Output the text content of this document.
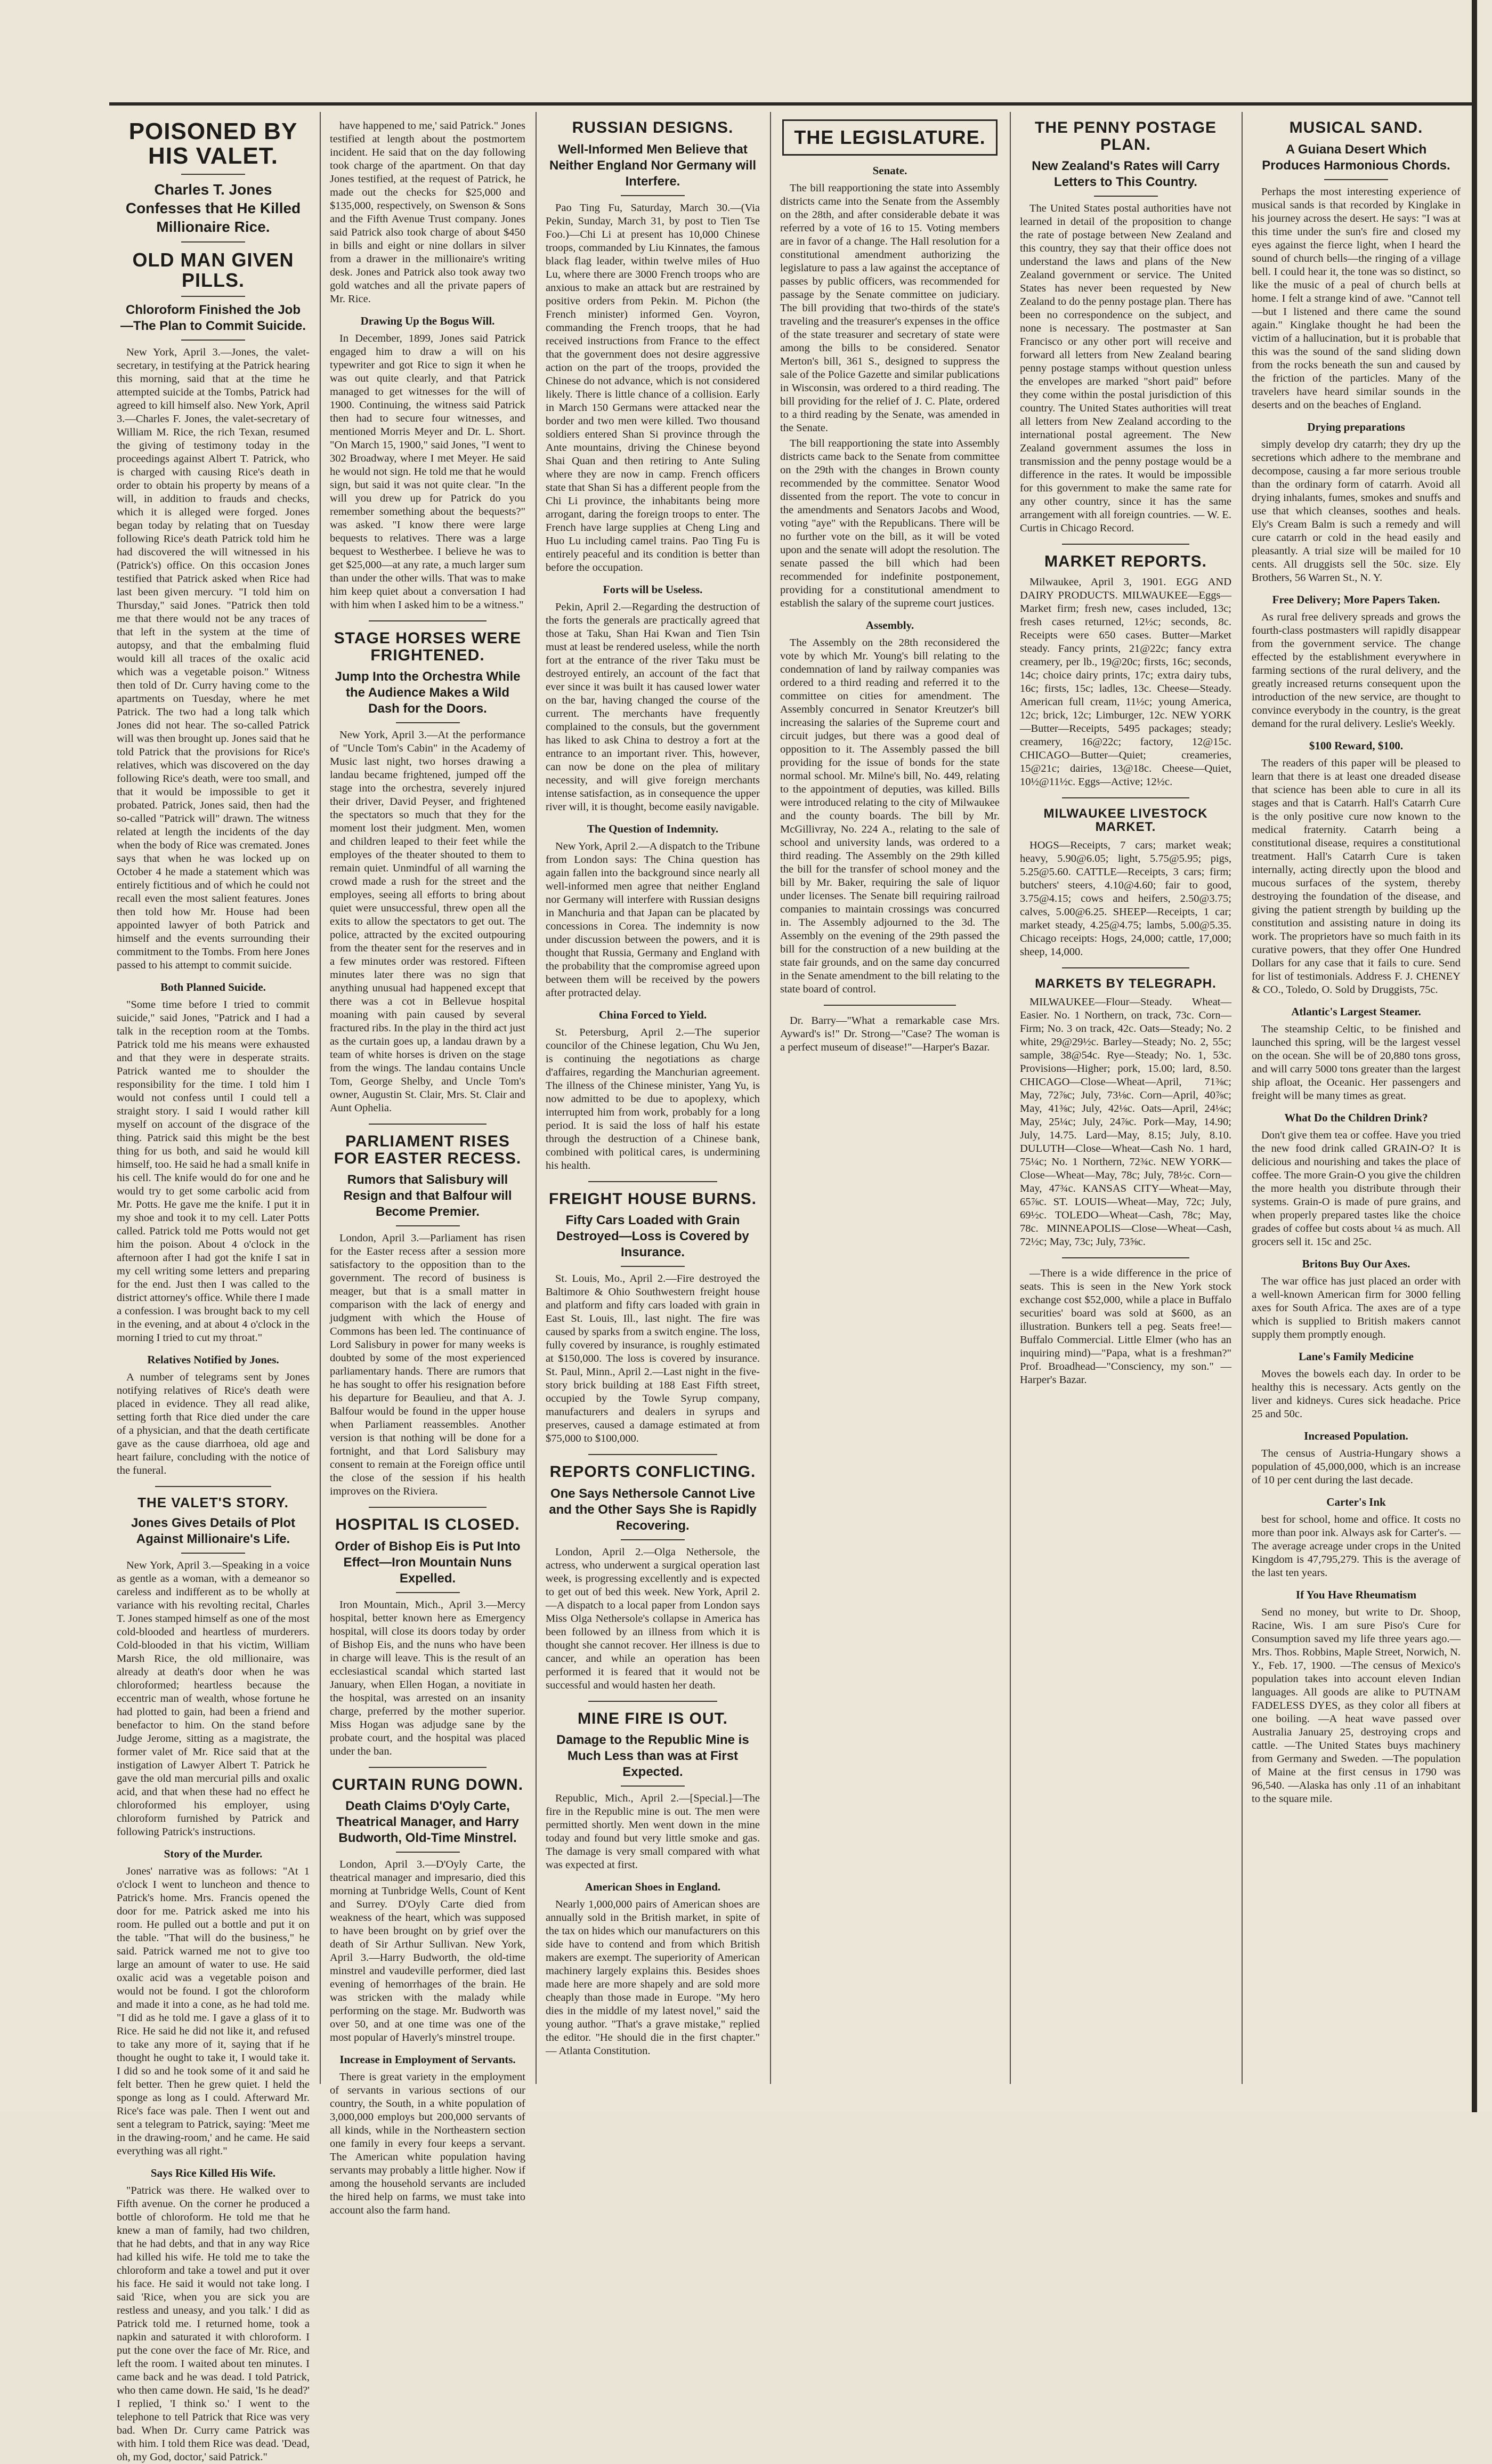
POISONED BY HIS VALET.
Charles T. Jones Confesses that He Killed Millionaire Rice.
OLD MAN GIVEN PILLS.
Chloroform Finished the Job—The Plan to Commit Suicide.

New York, April 3.—Jones, the valet-secretary, in testifying at the Patrick hearing this morning, said that at the time he attempted suicide at the Tombs, Patrick had agreed to kill himself also. New York, April 3.—Charles F. Jones, the valet-secretary of William M. Rice, the rich Texan, resumed the giving of testimony today in the proceedings against Albert T. Patrick, who is charged with causing Rice's death in order to obtain his property by means of a will, in addition to frauds and checks, which it is alleged were forged. Jones began today by relating that on Tuesday following Rice's death Patrick told him he had discovered the will witnessed in his (Patrick's) office. On this occasion Jones testified that Patrick asked when Rice had last been given mercury. "I told him on Thursday," said Jones. "Patrick then told me that there would not be any traces of that left in the system at the time of autopsy, and that the embalming fluid would kill all traces of the oxalic acid which was a vegetable poison." Witness then told of Dr. Curry having come to the apartments on Tuesday, where he met Patrick. The two had a long talk which Jones did not hear. The so-called Patrick will was then brought up. Jones said that he told Patrick that the provisions for Rice's relatives, which was discovered on the day following Rice's death, were too small, and that it would be impossible to get it probated. Patrick, Jones said, then had the so-called "Patrick will" drawn. The witness related at length the incidents of the day when the body of Rice was cremated. Jones says that when he was locked up on October 4 he made a statement which was entirely fictitious and of which he could not recall even the most salient features. Jones then told how Mr. House had been appointed lawyer of both Patrick and himself and the events surrounding their commitment to the Tombs. From here Jones passed to his attempt to commit suicide.

Both Planned Suicide.

"Some time before I tried to commit suicide," said Jones, "Patrick and I had a talk in the reception room at the Tombs. Patrick told me his means were exhausted and that they were in desperate straits. Patrick wanted me to shoulder the responsibility for the time. I told him I would not confess until I could tell a straight story. I said I would rather kill myself on account of the disgrace of the thing. Patrick said this might be the best thing for us both, and said he would kill himself, too. He said he had a small knife in his cell. The knife would do for one and he would try to get some carbolic acid from Mr. Potts. He gave me the knife. I put it in my shoe and took it to my cell. Later Potts called. Patrick told me Potts would not get him the poison. About 4 o'clock in the afternoon after I had got the knife I sat in my cell writing some letters and preparing for the end. Just then I was called to the district attorney's office. While there I made a confession. I was brought back to my cell in the evening, and at about 4 o'clock in the morning I tried to cut my throat."

Relatives Notified by Jones.

A number of telegrams sent by Jones notifying relatives of Rice's death were placed in evidence. They all read alike, setting forth that Rice died under the care of a physician, and that the death certificate gave as the cause diarrhoea, old age and heart failure, concluding with the notice of the funeral.

THE VALET'S STORY.
Jones Gives Details of Plot Against Millionaire's Life.

New York, April 3.—Speaking in a voice as gentle as a woman, with a demeanor so careless and indifferent as to be wholly at variance with his revolting recital, Charles T. Jones stamped himself as one of the most cold-blooded and heartless of murderers. Cold-blooded in that his victim, William Marsh Rice, the old millionaire, was already at death's door when he was chloroformed; heartless because the eccentric man of wealth, whose fortune he had plotted to gain, had been a friend and benefactor to him. On the stand before Judge Jerome, sitting as a magistrate, the former valet of Mr. Rice said that at the instigation of Lawyer Albert T. Patrick he gave the old man mercurial pills and oxalic acid, and that when these had no effect he chloroformed his employer, using chloroform furnished by Patrick and following Patrick's instructions.

Story of the Murder.

Jones' narrative was as follows: "At 1 o'clock I went to luncheon and thence to Patrick's home. Mrs. Francis opened the door for me. Patrick asked me into his room. He pulled out a bottle and put it on the table. "That will do the business," he said. Patrick warned me not to give too large an amount of water to use. He said oxalic acid was a vegetable poison and would not be found. I got the chloroform and made it into a cone, as he had told me. "I did as he told me. I gave a glass of it to Rice. He said he did not like it, and refused to take any more of it, saying that if he thought he ought to take it, I would take it. I did so and he took some of it and said he felt better. Then he grew quiet. I held the sponge as long as I could. Afterward Mr. Rice's face was pale. Then I went out and sent a telegram to Patrick, saying: 'Meet me in the drawing-room,' and he came. He said everything was all right."

Says Rice Killed His Wife.

"Patrick was there. He walked over to Fifth avenue. On the corner he produced a bottle of chloroform. He told me that he knew a man of family, had two children, that he had debts, and that in any way Rice had killed his wife. He told me to take the chloroform and take a towel and put it over his face. He said it would not take long. I said 'Rice, when you are sick you are restless and uneasy, and you talk.' I did as Patrick told me. I returned home, took a napkin and saturated it with chloroform. I put the cone over the face of Mr. Rice, and left the room. I waited about ten minutes. I came back and he was dead. I told Patrick, who then came down. He said, 'Is he dead?' I replied, 'I think so.' I went to the telephone to tell Patrick that Rice was very bad. When Dr. Curry came Patrick was with him. I told them Rice was dead. 'Dead, oh, my God, doctor,' said Patrick."

have happened to me,' said Patrick." Jones testified at length about the postmortem incident. He said that on the day following took charge of the apartment. On that day Jones testified, at the request of Patrick, he made out the checks for $25,000 and $135,000, respectively, on Swenson & Sons and the Fifth Avenue Trust company. Jones said Patrick also took charge of about $450 in bills and eight or nine dollars in silver from a drawer in the millionaire's writing desk. Jones and Patrick also took away two gold watches and all the private papers of Mr. Rice.

Drawing Up the Bogus Will.

In December, 1899, Jones said Patrick engaged him to draw a will on his typewriter and got Rice to sign it when he was out quite clearly, and that Patrick managed to get witnesses for the will of 1900. Continuing, the witness said Patrick then had to secure four witnesses, and mentioned Morris Meyer and Dr. L. Short. "On March 15, 1900," said Jones, "I went to 302 Broadway, where I met Meyer. He said he would not sign. He told me that he would sign, but said it was not quite clear. "In the will you drew up for Patrick do you remember something about the bequests?" was asked. "I know there were large bequests to relatives. There was a large bequest to Westherbee. I believe he was to get $25,000—at any rate, a much larger sum than under the other wills. That was to make him keep quiet about a conversation I had with him when I asked him to be a witness."

STAGE HORSES WERE FRIGHTENED.
Jump Into the Orchestra While the Audience Makes a Wild Dash for the Doors.

New York, April 3.—At the performance of "Uncle Tom's Cabin" in the Academy of Music last night, two horses drawing a landau became frightened, jumped off the stage into the orchestra, severely injured their driver, David Peyser, and frightened the spectators so much that they for the moment lost their judgment. Men, women and children leaped to their feet while the employes of the theater shouted to them to remain quiet. Unmindful of all warning the crowd made a rush for the street and the employes, seeing all efforts to bring about quiet were unsuccessful, threw open all the exits to allow the spectators to get out. The police, attracted by the excited outpouring from the theater sent for the reserves and in a few minutes order was restored. Fifteen minutes later there was no sign that anything unusual had happened except that there was a cot in Bellevue hospital moaning with pain caused by several fractured ribs. In the play in the third act just as the curtain goes up, a landau drawn by a team of white horses is driven on the stage from the wings. The landau contains Uncle Tom, George Shelby, and Uncle Tom's owner, Augustin St. Clair, Mrs. St. Clair and Aunt Ophelia.

PARLIAMENT RISES FOR EASTER RECESS.
Rumors that Salisbury will Resign and that Balfour will Become Premier.

London, April 3.—Parliament has risen for the Easter recess after a session more satisfactory to the opposition than to the government. The record of business is meager, but that is a small matter in comparison with the lack of energy and judgment with which the House of Commons has been led. The continuance of Lord Salisbury in power for many weeks is doubted by some of the most experienced parliamentary hands. There are rumors that he has sought to offer his resignation before his departure for Beaulieu, and that A. J. Balfour would be found in the upper house when Parliament reassembles. Another version is that nothing will be done for a fortnight, and that Lord Salisbury may consent to remain at the Foreign office until the close of the session if his health improves on the Riviera.

HOSPITAL IS CLOSED.
Order of Bishop Eis is Put Into Effect—Iron Mountain Nuns Expelled.

Iron Mountain, Mich., April 3.—Mercy hospital, better known here as Emergency hospital, will close its doors today by order of Bishop Eis, and the nuns who have been in charge will leave. This is the result of an ecclesiastical scandal which started last January, when Ellen Hogan, a novitiate in the hospital, was arrested on an insanity charge, preferred by the mother superior. Miss Hogan was adjudge sane by the probate court, and the hospital was placed under the ban.

CURTAIN RUNG DOWN.
Death Claims D'Oyly Carte, Theatrical Manager, and Harry Budworth, Old-Time Minstrel.

London, April 3.—D'Oyly Carte, the theatrical manager and impresario, died this morning at Tunbridge Wells, Count of Kent and Surrey. D'Oyly Carte died from weakness of the heart, which was supposed to have been brought on by grief over the death of Sir Arthur Sullivan. New York, April 3.—Harry Budworth, the old-time minstrel and vaudeville performer, died last evening of hemorrhages of the brain. He was stricken with the malady while performing on the stage. Mr. Budworth was over 50, and at one time was one of the most popular of Haverly's minstrel troupe.

Increase in Employment of Servants.

There is great variety in the employment of servants in various sections of our country, the South, in a white population of 3,000,000 employs but 200,000 servants of all kinds, while in the Northeastern section one family in every four keeps a servant. The American white population having servants may probably a little higher. Now if among the household servants are included the hired help on farms, we must take into account also the farm hand.

RUSSIAN DESIGNS.
Well-Informed Men Believe that Neither England Nor Germany will Interfere.

Pao Ting Fu, Saturday, March 30.—(Via Pekin, Sunday, March 31, by post to Tien Tse Foo.)—Chi Li at present has 10,000 Chinese troops, commanded by Liu Kinnates, the famous black flag leader, within twelve miles of Huo Lu, where there are 3000 French troops who are anxious to make an attack but are restrained by positive orders from Pekin. M. Pichon (the French minister) informed Gen. Voyron, commanding the French troops, that he had received instructions from France to the effect that the government does not desire aggressive action on the part of the troops, provided the Chinese do not advance, which is not considered likely. There is little chance of a collision. Early in March 150 Germans were attacked near the border and two men were killed. Two thousand soldiers entered Shan Si province through the Ante mountains, driving the Chinese beyond Shai Quan and then retiring to Ante Suling where they are now in camp. French officers state that Shan Si has a different people from the Chi Li province, the inhabitants being more arrogant, daring the foreign troops to enter. The French have large supplies at Cheng Ling and Huo Lu including camel trains. Pao Ting Fu is entirely peaceful and its condition is better than before the occupation.

Forts will be Useless.

Pekin, April 2.—Regarding the destruction of the forts the generals are practically agreed that those at Taku, Shan Hai Kwan and Tien Tsin must at least be rendered useless, while the north fort at the entrance of the river Taku must be destroyed entirely, an account of the fact that ever since it was built it has caused lower water on the bar, having changed the course of the current. The merchants have frequently complained to the consuls, but the government has liked to ask China to destroy a fort at the entrance to an important river. This, however, can now be done on the plea of military necessity, and will give foreign merchants intense satisfaction, as in consequence the upper river will, it is thought, become easily navigable.

The Question of Indemnity.

New York, April 2.—A dispatch to the Tribune from London says: The China question has again fallen into the background since nearly all well-informed men agree that neither England nor Germany will interfere with Russian designs in Manchuria and that Japan can be placated by concessions in Corea. The indemnity is now under discussion between the powers, and it is thought that Russia, Germany and England with the probability that the compromise agreed upon between them will be received by the powers after protracted delay.

China Forced to Yield.

St. Petersburg, April 2.—The superior councilor of the Chinese legation, Chu Wu Jen, is continuing the negotiations as charge d'affaires, regarding the Manchurian agreement. The illness of the Chinese minister, Yang Yu, is now admitted to be due to apoplexy, which interrupted him from work, probably for a long period. It is said the loss of half his estate through the destruction of a Chinese bank, combined with political cares, is undermining his health.

FREIGHT HOUSE BURNS.
Fifty Cars Loaded with Grain Destroyed—Loss is Covered by Insurance.

St. Louis, Mo., April 2.—Fire destroyed the Baltimore & Ohio Southwestern freight house and platform and fifty cars loaded with grain in East St. Louis, Ill., last night. The fire was caused by sparks from a switch engine. The loss, fully covered by insurance, is roughly estimated at $150,000. The loss is covered by insurance. St. Paul, Minn., April 2.—Last night in the five-story brick building at 188 East Fifth street, occupied by the Towle Syrup company, manufacturers and dealers in syrups and preserves, caused a damage estimated at from $75,000 to $100,000.

REPORTS CONFLICTING.
One Says Nethersole Cannot Live and the Other Says She is Rapidly Recovering.

London, April 2.—Olga Nethersole, the actress, who underwent a surgical operation last week, is progressing excellently and is expected to get out of bed this week. New York, April 2.—A dispatch to a local paper from London says Miss Olga Nethersole's collapse in America has been followed by an illness from which it is thought she cannot recover. Her illness is due to cancer, and while an operation has been performed it is feared that it would not be successful and would hasten her death.

MINE FIRE IS OUT.
Damage to the Republic Mine is Much Less than was at First Expected.

Republic, Mich., April 2.—[Special.]—The fire in the Republic mine is out. The men were permitted shortly. Men went down in the mine today and found but very little smoke and gas. The damage is very small compared with what was expected at first.

American Shoes in England.

Nearly 1,000,000 pairs of American shoes are annually sold in the British market, in spite of the tax on hides which our manufacturers on this side have to contend and from which British makers are exempt. The superiority of American machinery largely explains this. Besides shoes made here are more shapely and are sold more cheaply than those made in Europe. "My hero dies in the middle of my latest novel," said the young author. "That's a grave mistake," replied the editor. "He should die in the first chapter." — Atlanta Constitution.

THE LEGISLATURE.
Senate.

The bill reapportioning the state into Assembly districts came into the Senate from the Assembly on the 28th, and after considerable debate it was referred by a vote of 16 to 15. Voting members are in favor of a change. The Hall resolution for a constitutional amendment authorizing the legislature to pass a law against the acceptance of passes by public officers, was recommended for passage by the Senate committee on judiciary. The bill providing that two-thirds of the state's traveling and the treasurer's expenses in the office of the state treasurer and secretary of state were among the bills to be considered. Senator Merton's bill, 361 S., designed to suppress the sale of the Police Gazette and similar publications in Wisconsin, was ordered to a third reading. The bill providing for the relief of J. C. Plate, ordered to a third reading by the Senate, was amended in the Senate.

The bill reapportioning the state into Assembly districts came back to the Senate from committee on the 29th with the changes in Brown county recommended by the committee. Senator Wood dissented from the report. The vote to concur in the amendments and Senators Jacobs and Wood, voting "aye" with the Republicans. There will be no further vote on the bill, as it will be voted upon and the senate will adopt the resolution. The senate passed the bill which had been recommended for indefinite postponement, providing for a constitutional amendment to establish the salary of the supreme court justices.

Assembly.

The Assembly on the 28th reconsidered the vote by which Mr. Young's bill relating to the condemnation of land by railway companies was ordered to a third reading and referred it to the committee on cities for amendment. The Assembly concurred in Senator Kreutzer's bill increasing the salaries of the Supreme court and circuit judges, but there was a good deal of opposition to it. The Assembly passed the bill providing for the issue of bonds for the state normal school. Mr. Milne's bill, No. 449, relating to the appointment of deputies, was killed. Bills were introduced relating to the city of Milwaukee and the county boards. The bill by Mr. McGillivray, No. 224 A., relating to the sale of school and university lands, was ordered to a third reading. The Assembly on the 29th killed the bill for the transfer of school money and the bill by Mr. Baker, requiring the sale of liquor under licenses. The Senate bill requiring railroad companies to maintain crossings was concurred in. The Assembly adjourned to the 3d. The Assembly on the evening of the 29th passed the bill for the construction of a new building at the state fair grounds, and on the same day concurred in the Senate amendment to the bill relating to the state board of control.

Dr. Barry—"What a remarkable case Mrs. Ayward's is!" Dr. Strong—"Case? The woman is a perfect museum of disease!"—Harper's Bazar.

THE PENNY POSTAGE PLAN.
New Zealand's Rates will Carry Letters to This Country.

The United States postal authorities have not learned in detail of the proposition to change the rate of postage between New Zealand and this country, they say that their office does not understand the laws and plans of the New Zealand government or service. The United States has never been requested by New Zealand to do the penny postage plan. There has been no correspondence on the subject, and none is necessary. The postmaster at San Francisco or any other port will receive and forward all letters from New Zealand bearing penny postage stamps without question unless the envelopes are marked "short paid" before they come within the postal jurisdiction of this country. The United States authorities will treat all letters from New Zealand according to the international postal agreement. The New Zealand government assumes the loss in transmission and the penny postage would be a difference in the rates. It would be impossible for this government to make the same rate for any other country, since it has the same arrangement with all foreign countries. — W. E. Curtis in Chicago Record.

MARKET REPORTS.

Milwaukee, April 3, 1901. EGG AND DAIRY PRODUCTS. MILWAUKEE—Eggs—Market firm; fresh new, cases included, 13c; fresh cases returned, 12½c; seconds, 8c. Receipts were 650 cases. Butter—Market steady. Fancy prints, 21@22c; fancy extra creamery, per lb., 19@20c; firsts, 16c; seconds, 14c; choice dairy prints, 17c; extra dairy tubs, 16c; firsts, 15c; ladles, 13c. Cheese—Steady. American full cream, 11½c; young America, 12c; brick, 12c; Limburger, 12c. NEW YORK—Butter—Receipts, 5495 packages; steady; creamery, 16@22c; factory, 12@15c. CHICAGO—Butter—Quiet; creameries, 15@21c; dairies, 13@18c. Cheese—Quiet, 10½@11½c. Eggs—Active; 12½c.

MILWAUKEE LIVESTOCK MARKET.

HOGS—Receipts, 7 cars; market weak; heavy, 5.90@6.05; light, 5.75@5.95; pigs, 5.25@5.60. CATTLE—Receipts, 3 cars; firm; butchers' steers, 4.10@4.60; fair to good, 3.75@4.15; cows and heifers, 2.50@3.75; calves, 5.00@6.25. SHEEP—Receipts, 1 car; market steady, 4.25@4.75; lambs, 5.00@5.35. Chicago receipts: Hogs, 24,000; cattle, 17,000; sheep, 14,000.

MARKETS BY TELEGRAPH.

MILWAUKEE—Flour—Steady. Wheat—Easier. No. 1 Northern, on track, 73c. Corn—Firm; No. 3 on track, 42c. Oats—Steady; No. 2 white, 29@29½c. Barley—Steady; No. 2, 55c; sample, 38@54c. Rye—Steady; No. 1, 53c. Provisions—Higher; pork, 15.00; lard, 8.50. CHICAGO—Close—Wheat—April, 71⅜c; May, 72⅞c; July, 73⅛c. Corn—April, 40⅞c; May, 41⅜c; July, 42⅛c. Oats—April, 24⅛c; May, 25¼c; July, 24⅞c. Pork—May, 14.90; July, 14.75. Lard—May, 8.15; July, 8.10. DULUTH—Close—Wheat—Cash No. 1 hard, 75¼c; No. 1 Northern, 72¾c. NEW YORK—Close—Wheat—May, 78c; July, 78½c. Corn—May, 47¾c. KANSAS CITY—Wheat—May, 65⅞c. ST. LOUIS—Wheat—May, 72c; July, 69½c. TOLEDO—Wheat—Cash, 78c; May, 78c. MINNEAPOLIS—Close—Wheat—Cash, 72½c; May, 73c; July, 73⅝c.

—There is a wide difference in the price of seats. This is seen in the New York stock exchange cost $52,000, while a place in Buffalo securities' board was sold at $600, as an illustration. Bunkers tell a peg. Seats free!—Buffalo Commercial. Little Elmer (who has an inquiring mind)—"Papa, what is a freshman?" Prof. Broadhead—"Consciency, my son." —Harper's Bazar.

MUSICAL SAND.
A Guiana Desert Which Produces Harmonious Chords.

Perhaps the most interesting experience of musical sands is that recorded by Kinglake in his journey across the desert. He says: "I was at this time under the sun's fire and closed my eyes against the fierce light, when I heard the sound of church bells—the ringing of a village bell. I could hear it, the tone was so distinct, so like the music of a peal of church bells at home. I felt a strange kind of awe. "Cannot tell—but I listened and there came the sound again." Kinglake thought he had been the victim of a hallucination, but it is probable that this was the sound of the sand sliding down from the rocks beneath the sun and caused by the friction of the particles. Many of the travelers have heard similar sounds in the deserts and on the beaches of England.

Drying preparations

simply develop dry catarrh; they dry up the secretions which adhere to the membrane and decompose, causing a far more serious trouble than the ordinary form of catarrh. Avoid all drying inhalants, fumes, smokes and snuffs and use that which cleanses, soothes and heals. Ely's Cream Balm is such a remedy and will cure catarrh or cold in the head easily and pleasantly. A trial size will be mailed for 10 cents. All druggists sell the 50c. size. Ely Brothers, 56 Warren St., N. Y.

Free Delivery; More Papers Taken.

As rural free delivery spreads and grows the fourth-class postmasters will rapidly disappear from the government service. The change effected by the establishment everywhere in farming sections of the rural delivery, and the greatly increased returns consequent upon the introduction of the new service, are thought to convince everybody in the country, is the great demand for the rural delivery. Leslie's Weekly.

$100 Reward, $100.

The readers of this paper will be pleased to learn that there is at least one dreaded disease that science has been able to cure in all its stages and that is Catarrh. Hall's Catarrh Cure is the only positive cure now known to the medical fraternity. Catarrh being a constitutional disease, requires a constitutional treatment. Hall's Catarrh Cure is taken internally, acting directly upon the blood and mucous surfaces of the system, thereby destroying the foundation of the disease, and giving the patient strength by building up the constitution and assisting nature in doing its work. The proprietors have so much faith in its curative powers, that they offer One Hundred Dollars for any case that it fails to cure. Send for list of testimonials. Address F. J. CHENEY & CO., Toledo, O. Sold by Druggists, 75c.

Atlantic's Largest Steamer.

The steamship Celtic, to be finished and launched this spring, will be the largest vessel on the ocean. She will be of 20,880 tons gross, and will carry 5000 tons greater than the largest ship afloat, the Oceanic. Her passengers and freight will be many times as great.

What Do the Children Drink?

Don't give them tea or coffee. Have you tried the new food drink called GRAIN-O? It is delicious and nourishing and takes the place of coffee. The more Grain-O you give the children the more health you distribute through their systems. Grain-O is made of pure grains, and when properly prepared tastes like the choice grades of coffee but costs about ¼ as much. All grocers sell it. 15c and 25c.

Britons Buy Our Axes.

The war office has just placed an order with a well-known American firm for 3000 felling axes for South Africa. The axes are of a type which is supplied to British makers cannot supply them promptly enough.

Lane's Family Medicine

Moves the bowels each day. In order to be healthy this is necessary. Acts gently on the liver and kidneys. Cures sick headache. Price 25 and 50c.

Increased Population.

The census of Austria-Hungary shows a population of 45,000,000, which is an increase of 10 per cent during the last decade.

Carter's Ink

best for school, home and office. It costs no more than poor ink. Always ask for Carter's. —The average acreage under crops in the United Kingdom is 47,795,279. This is the average of the last ten years.

If You Have Rheumatism

Send no money, but write to Dr. Shoop, Racine, Wis. I am sure Piso's Cure for Consumption saved my life three years ago.—Mrs. Thos. Robbins, Maple Street, Norwich, N. Y., Feb. 17, 1900. —The census of Mexico's population takes into account eleven Indian languages. All goods are alike to PUTNAM FADELESS DYES, as they color all fibers at one boiling. —A heat wave passed over Australia January 25, destroying crops and cattle. —The United States buys machinery from Germany and Sweden. —The population of Maine at the first census in 1790 was 96,540. —Alaska has only .11 of an inhabitant to the square mile.
